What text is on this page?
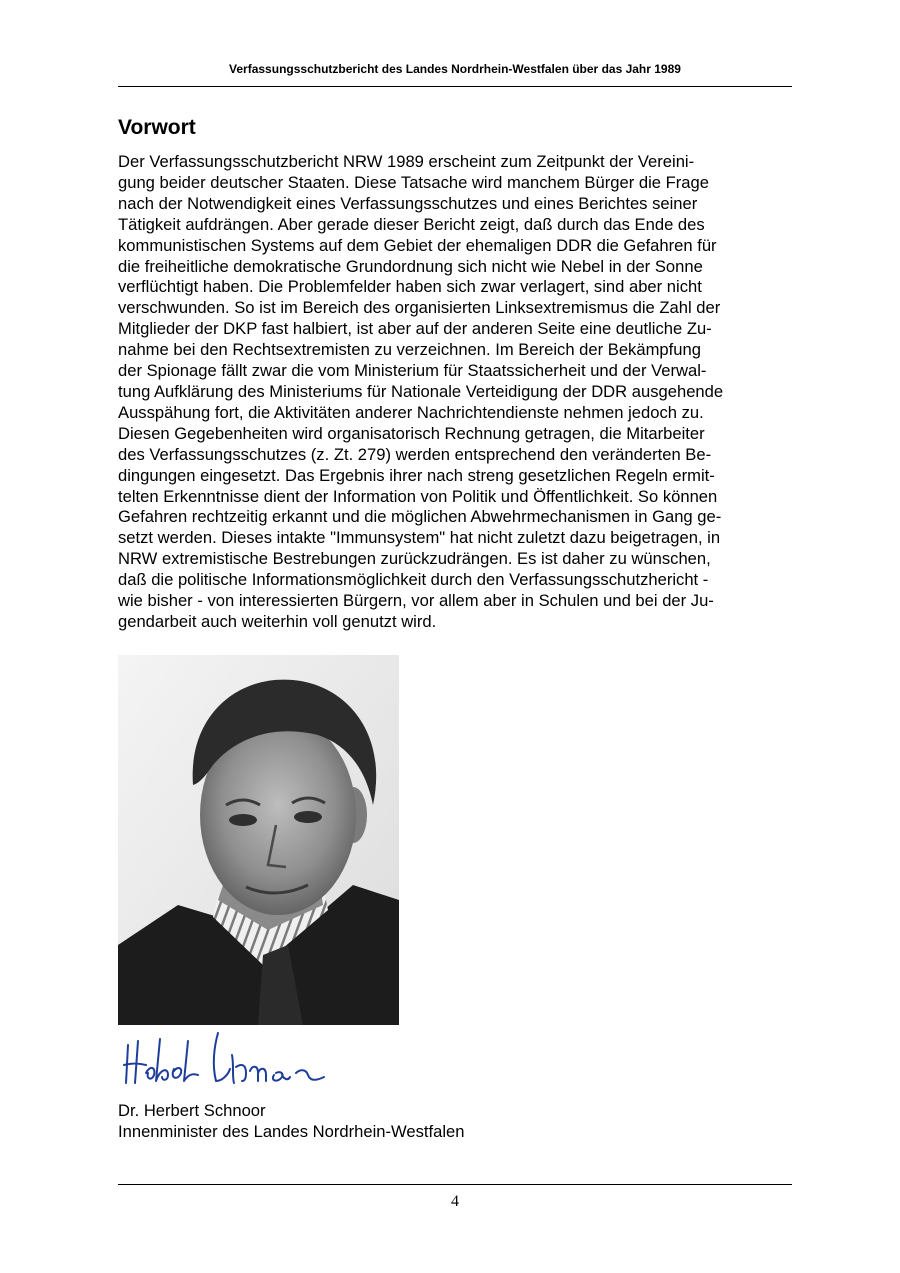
Verfassungsschutzbericht des Landes Nordrhein-Westfalen über das Jahr 1989
Vorwort
Der Verfassungsschutzbericht NRW 1989 erscheint zum Zeitpunkt der Vereini-
gung beider deutscher Staaten. Diese Tatsache wird manchem Bürger die Frage
nach der Notwendigkeit eines Verfassungsschutzes und eines Berichtes seiner
Tätigkeit aufdrängen. Aber gerade dieser Bericht zeigt, daß durch das Ende des
kommunistischen Systems auf dem Gebiet der ehemaligen DDR die Gefahren für
die freiheitliche demokratische Grundordnung sich nicht wie Nebel in der Sonne
verflüchtigt haben. Die Problemfelder haben sich zwar verlagert, sind aber nicht
verschwunden. So ist im Bereich des organisierten Linksextremismus die Zahl der
Mitglieder der DKP fast halbiert, ist aber auf der anderen Seite eine deutliche Zu-
nahme bei den Rechtsextremisten zu verzeichnen. Im Bereich der Bekämpfung
der Spionage fällt zwar die vom Ministerium für Staatssicherheit und der Verwal-
tung Aufklärung des Ministeriums für Nationale Verteidigung der DDR ausgehende
Ausspähung fort, die Aktivitäten anderer Nachrichtendienste nehmen jedoch zu.
Diesen Gegebenheiten wird organisatorisch Rechnung getragen, die Mitarbeiter
des Verfassungsschutzes (z. Zt. 279) werden entsprechend den veränderten Be-
dingungen eingesetzt. Das Ergebnis ihrer nach streng gesetzlichen Regeln ermit-
telten Erkenntnisse dient der Information von Politik und Öffentlichkeit. So können
Gefahren rechtzeitig erkannt und die möglichen Abwehrmechanismen in Gang ge-
setzt werden. Dieses intakte "Immunsystem" hat nicht zuletzt dazu beigetragen, in
NRW extremistische Bestrebungen zurückzudrängen. Es ist daher zu wünschen,
daß die politische Informationsmöglichkeit durch den Verfassungsschutzhericht -
wie bisher - von interessierten Bürgern, vor allem aber in Schulen und bei der Ju-
gendarbeit auch weiterhin voll genutzt wird.
Dr. Herbert Schnoor
Innenminister des Landes Nordrhein-Westfalen
4
